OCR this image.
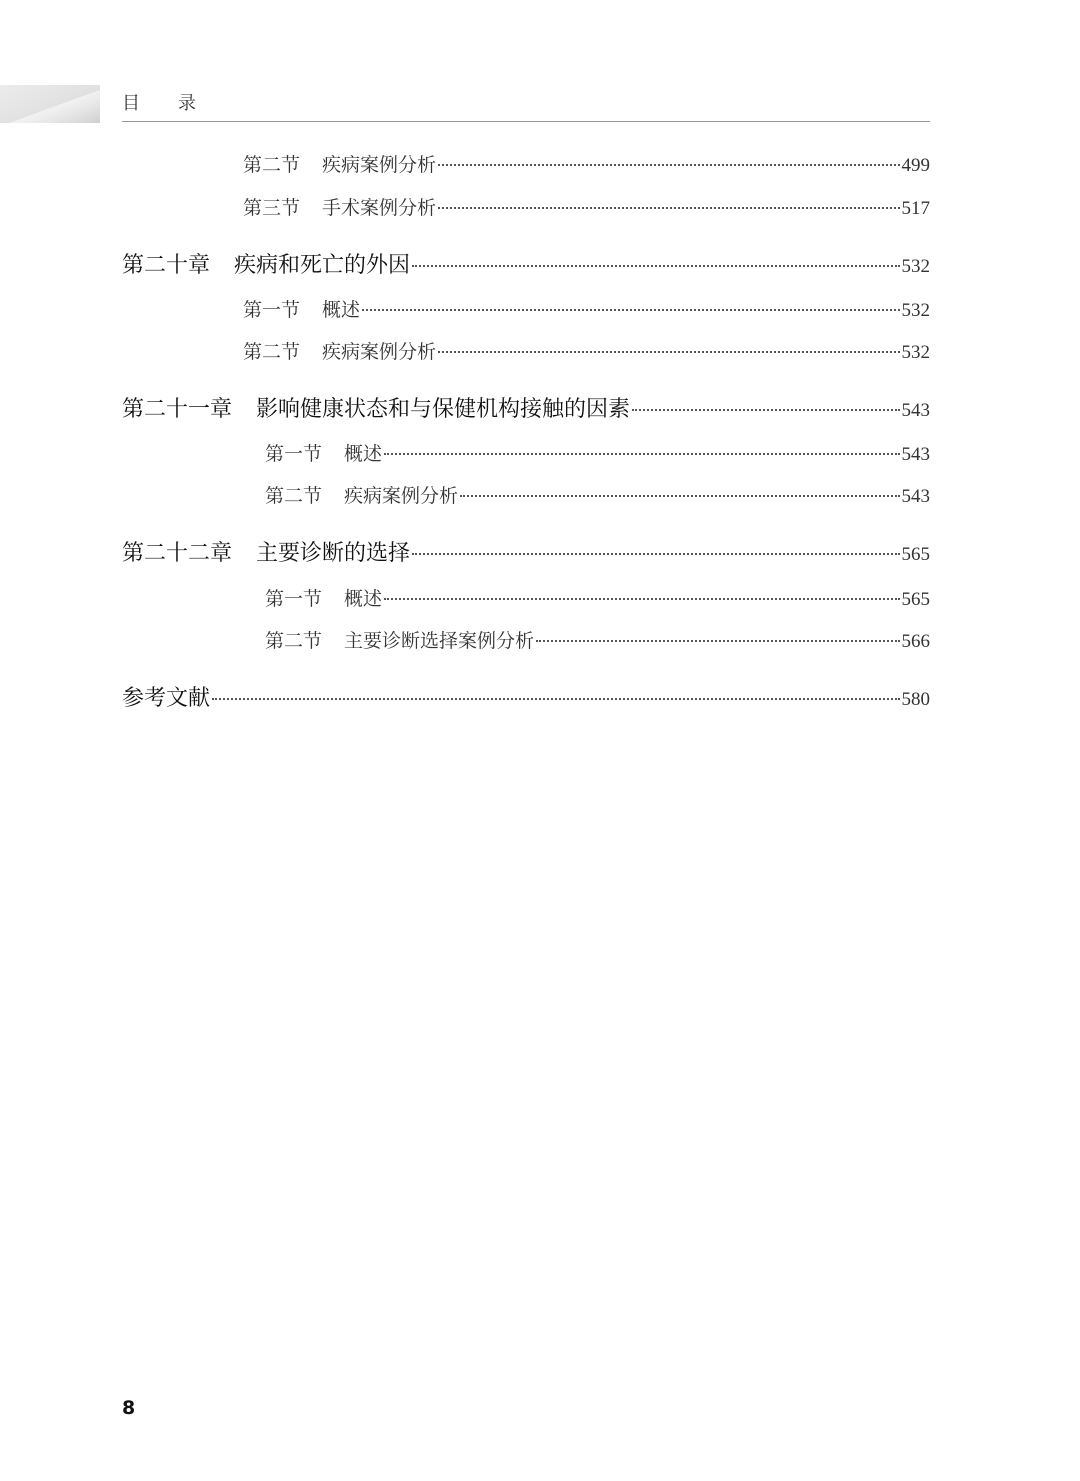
目录
第二节 疾病案例分析	499
第三节 手术案例分析	517
第二十章 疾病和死亡的外因	532
第一节 概述	532
第二节 疾病案例分析	532
第二十一章 影响健康状态和与保健机构接触的因素	543
第一节 概述	543
第二节 疾病案例分析	543
第二十二章 主要诊断的选择	565
第一节 概述	565
第二节 主要诊断选择案例分析	566
参考文献	580
8
